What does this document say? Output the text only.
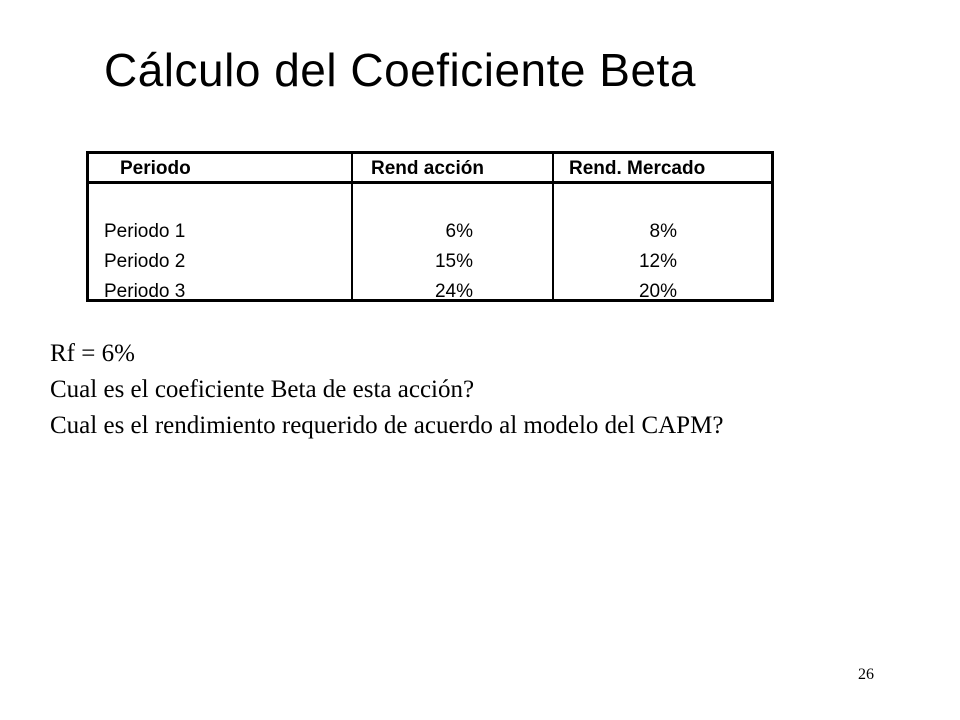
Cálculo del Coeficiente Beta
Periodo	Rend acción	Rend. Mercado
Periodo 1	6%	8%
Periodo 2	15%	12%
Periodo 3	24%	20%
Rf = 6%
Cual es el coeficiente Beta de esta acción?
Cual es el rendimiento requerido de acuerdo al modelo del CAPM?
26
